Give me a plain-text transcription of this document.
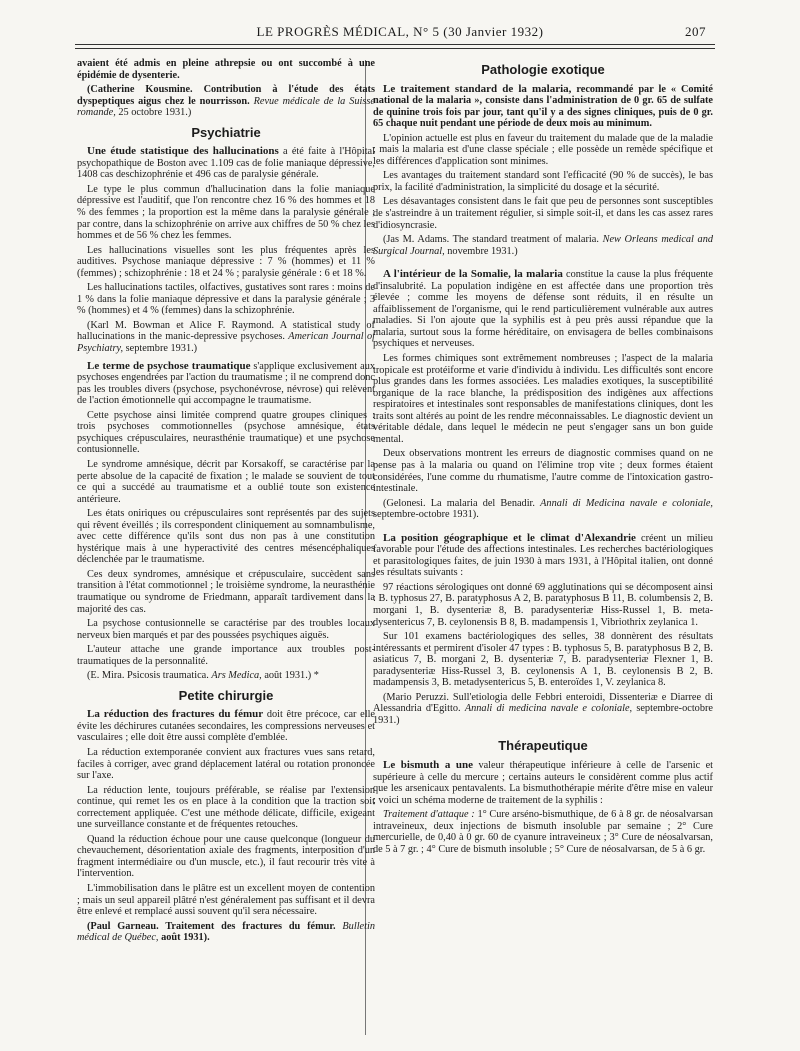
LE PROGRÈS MÉDICAL, N° 5 (30 Janvier 1932)	207

avaient été admis en pleine athrepsie ou ont succombé à une épidémie de dysenterie.

(Catherine Kousmine. Contribution à l'étude des états dyspeptiques aigus chez le nourrisson. Revue médicale de la Suisse romande, 25 octobre 1931.)

Psychiatrie

Une étude statistique des hallucinations a été faite à l'Hôpital psychopathique de Boston avec 1.109 cas de folie maniaque dépressive, 1408 cas deschizophrénie et 496 cas de paralysie générale.

Le type le plus commun d'hallucination dans la folie maniaque dépressive est l'auditif, que l'on rencontre chez 16 % des hommes et 18 % des femmes ; la proportion est la même dans la paralysie générale ; par contre, dans la schizophrénie on arrive aux chiffres de 50 % chez les hommes et de 56 % chez les femmes.

Les hallucinations visuelles sont les plus fréquentes après les auditives. Psychose maniaque dépressive : 7 % (hommes) et 11 % (femmes) ; schizophrénie : 18 et 24 % ; paralysie générale : 6 et 18 %.

Les hallucinations tactiles, olfactives, gustatives sont rares : moins de 1 % dans la folie maniaque dépressive et dans la paralysie générale ; 3 % (hommes) et 4 % (femmes) dans la schizophrénie.

(Karl M. Bowman et Alice F. Raymond. A statistical study of hallucinations in the manic-depressive psychoses. American Journal of Psychiatry, septembre 1931.)

Le terme de psychose traumatique s'applique exclusivement aux psychoses engendrées par l'action du traumatisme ; il ne comprend donc pas les troubles divers (psychose, psychonévrose, névrose) qui relèvent de l'action émotionnelle qui accompagne le traumatisme.

Cette psychose ainsi limitée comprend quatre groupes cliniques : trois psychoses commotionnelles (psychose amnésique, états psychiques crépusculaires, neurasthénie traumatique) et une psychose contusionnelle.

Le syndrome amnésique, décrit par Korsakoff, se caractérise par la perte absolue de la capacité de fixation ; le malade se souvient de tout ce qui a succédé au traumatisme et a oublié toute son existence antérieure.

Les états oniriques ou crépusculaires sont représentés par des sujets qui rêvent éveillés ; ils correspondent cliniquement au somnambulisme, avec cette différence qu'ils sont dus non pas à une constitution hystérique mais à une hyperactivité des centres mésencéphaliques déclenchée par le traumatisme.

Ces deux syndromes, amnésique et crépusculaire, succèdent sans transition à l'état commotionnel ; le troisième syndrome, la neurasthénie traumatique ou syndrome de Friedmann, apparaît tardivement dans la majorité des cas.

La psychose contusionnelle se caractérise par des troubles locaux nerveux bien marqués et par des poussées psychiques aiguës.

L'auteur attache une grande importance aux troubles post-traumatiques de la personnalité.

(E. Mira. Psicosis traumatica. Ars Medica, août 1931.) *

Petite chirurgie

La réduction des fractures du fémur doit être précoce, car elle évite les déchirures cutanées secondaires, les compressions nerveuses et vasculaires ; elle doit être aussi complète d'emblée.

La réduction extemporanée convient aux fractures vues sans retard, faciles à corriger, avec grand déplacement latéral ou rotation prononcée sur l'axe.

La réduction lente, toujours préférable, se réalise par l'extension continue, qui remet les os en place à la condition que la traction soit correctement appliquée. C'est une méthode délicate, difficile, exigeant une surveillance constante et de fréquentes retouches.

Quand la réduction échoue pour une cause quelconque (longueur du chevauchement, désorientation axiale des fragments, interposition d'un fragment intermédiaire ou d'un muscle, etc.), il faut recourir très vite à l'intervention.

L'immobilisation dans le plâtre est un excellent moyen de contention ; mais un seul appareil plâtré n'est généralement pas suffisant et il devra être enlevé et remplacé aussi souvent qu'il sera nécessaire.

(Paul Garneau. Traitement des fractures du fémur. Bulletin médical de Québec, août 1931).

Pathologie exotique

Le traitement standard de la malaria, recommandé par le « Comité national de la malaria », consiste dans l'administration de 0 gr. 65 de sulfate de quinine trois fois par jour, tant qu'il y a des signes cliniques, puis de 0 gr. 65 chaque nuit pendant une période de deux mois au minimum.

L'opinion actuelle est plus en faveur du traitement du malade que de la maladie ; mais la malaria est d'une classe spéciale ; elle possède un remède spécifique et les différences d'application sont minimes.

Les avantages du traitement standard sont l'efficacité (90 % de succès), le bas prix, la facilité d'administration, la simplicité du dosage et la sécurité.

Les désavantages consistent dans le fait que peu de personnes sont susceptibles de s'astreindre à un traitement régulier, si simple soit-il, et dans les cas assez rares d'idiosyncrasie.

(Jas M. Adams. The standard treatment of malaria. New Orleans medical and Surgical Journal, novembre 1931.)

A l'intérieur de la Somalie, la malaria constitue la cause la plus fréquente d'insalubrité. La population indigène en est affectée dans une proportion très élevée ; comme les moyens de défense sont réduits, il en résulte un affaiblissement de l'organisme, qui le rend particulièrement vulnérable aux autres maladies. Si l'on ajoute que la syphilis est à peu près aussi répandue que la malaria, surtout sous la forme héréditaire, on envisagera de belles combinaisons psychiques et nerveuses.

Les formes chimiques sont extrêmement nombreuses ; l'aspect de la malaria tropicale est protéiforme et varie d'individu à individu. Les difficultés sont encore plus grandes dans les formes associées. Les maladies exotiques, la susceptibilité organique de la race blanche, la prédisposition des indigènes aux affections respiratoires et intestinales sont responsables de manifestations cliniques, dont les traits sont altérés au point de les rendre méconnaissables. Le diagnostic devient un véritable dédale, dans lequel le médecin ne peut s'engager sans un bon guide mental.

Deux observations montrent les erreurs de diagnostic commises quand on ne pense pas à la malaria ou quand on l'élimine trop vite ; deux formes étaient considérées, l'une comme du rhumatisme, l'autre comme de l'intoxication gastro-intestinale.

(Gelonesi. La malaria del Benadir. Annali di Medicina navale e coloniale, septembre-octobre 1931).

La position géographique et le climat d'Alexandrie créent un milieu favorable pour l'étude des affections intestinales. Les recherches bactériologiques et parasitologiques faites, de juin 1930 à mars 1931, à l'Hôpital italien, ont donné les résultats suivants :

97 réactions sérologiques ont donné 69 agglutinations qui se décomposent ainsi : B. typhosus 27, B. paratyphosus A 2, B. paratyphosus B 11, B. columbensis 2, B. morgani 1, B. dysenteriæ 8, B. paradysenteriæ Hiss-Russel 1, B. meta-dysentericus 7, B. ceylonensis B 8, B. madampensis 1, Vibriothrix zeylanica 1.

Sur 101 examens bactériologiques des selles, 38 donnèrent des résultats intéressants et permirent d'isoler 47 types : B. typhosus 5, B. paratyphosus B 2, B. asiaticus 7, B. morgani 2, B. dysenteriæ 7, B. paradysenteriæ Flexner 1, B. paradysenteriæ Hiss-Russel 3, B. ceylonensis A 1, B. ceylonensis B 2, B. madampensis 3, B. metadysentericus 5, B. enteroïdes 1, V. zeylanica 8.

(Mario Peruzzi. Sull'etiologia delle Febbri enteroidi, Dissenteriæ e Diarree di Alessandria d'Egitto. Annali di medicina navale e coloniale, septembre-octobre 1931.)

Thérapeutique

Le bismuth a une valeur thérapeutique inférieure à celle de l'arsenic et supérieure à celle du mercure ; certains auteurs le considèrent comme plus actif que les arsenicaux pentavalents. La bismuthothérapie mérite d'être mise en valeur ; voici un schéma moderne de traitement de la syphilis :

Traitement d'attaque : 1° Cure arséno-bismuthique, de 6 à 8 gr. de néosalvarsan intraveineux, deux injections de bismuth insoluble par semaine ; 2° Cure mercurielle, de 0,40 à 0 gr. 60 de cyanure intraveineux ; 3° Cure de néosalvarsan, de 5 à 7 gr. ; 4° Cure de bismuth insoluble ; 5° Cure de néosalvarsan, de 5 à 6 gr.
